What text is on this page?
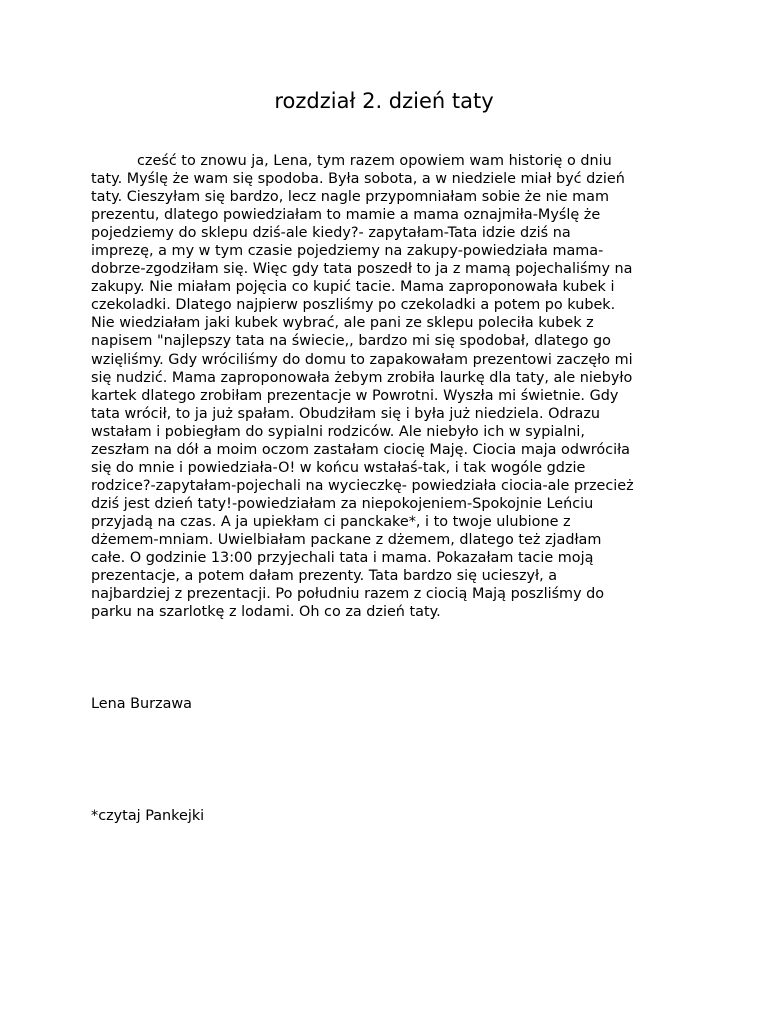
rozdział 2. dzień taty
cześć to znowu ja, Lena, tym razem opowiem wam historię o dniu
taty. Myślę że wam się spodoba. Była sobota, a w niedziele miał być dzień
taty. Cieszyłam się bardzo, lecz nagle przypomniałam sobie że nie mam
prezentu, dlatego powiedziałam to mamie a mama oznajmiła-Myślę że
pojedziemy do sklepu dziś-ale kiedy?- zapytałam-Tata idzie dziś na
imprezę, a my w tym czasie pojedziemy na zakupy-powiedziała mama-
dobrze-zgodziłam się. Więc gdy tata poszedł to ja z mamą pojechaliśmy na
zakupy. Nie miałam pojęcia co kupić tacie. Mama zaproponowała kubek i
czekoladki. Dlatego najpierw poszliśmy po czekoladki a potem po kubek.
Nie wiedziałam jaki kubek wybrać, ale pani ze sklepu poleciła kubek z
napisem "najlepszy tata na świecie,, bardzo mi się spodobał, dlatego go
wzięliśmy. Gdy wróciliśmy do domu to zapakowałam prezentowi zaczęło mi
się nudzić. Mama zaproponowała żebym zrobiła laurkę dla taty, ale niebyło
kartek dlatego zrobiłam prezentacje w Powrotni. Wyszła mi świetnie. Gdy
tata wrócił, to ja już spałam. Obudziłam się i była już niedziela. Odrazu
wstałam i pobiegłam do sypialni rodziców. Ale niebyło ich w sypialni,
zeszłam na dół a moim oczom zastałam ciocię Maję. Ciocia maja odwróciła
się do mnie i powiedziała-O! w końcu wstałaś-tak, i tak wogóle gdzie
rodzice?-zapytałam-pojechali na wycieczkę- powiedziała ciocia-ale przecież
dziś jest dzień taty!-powiedziałam za niepokojeniem-Spokojnie Leńciu
przyjadą na czas. A ja upiekłam ci panckake*, i to twoje ulubione z
dżemem-mniam. Uwielbiałam packane z dżemem, dlatego też zjadłam
całe. O godzinie 13:00 przyjechali tata i mama. Pokazałam tacie moją
prezentacje, a potem dałam prezenty. Tata bardzo się ucieszył, a
najbardziej z prezentacji. Po południu razem z ciocią Mają poszliśmy do
parku na szarlotkę z lodami. Oh co za dzień taty.
Lena Burzawa
*czytaj Pankejki
